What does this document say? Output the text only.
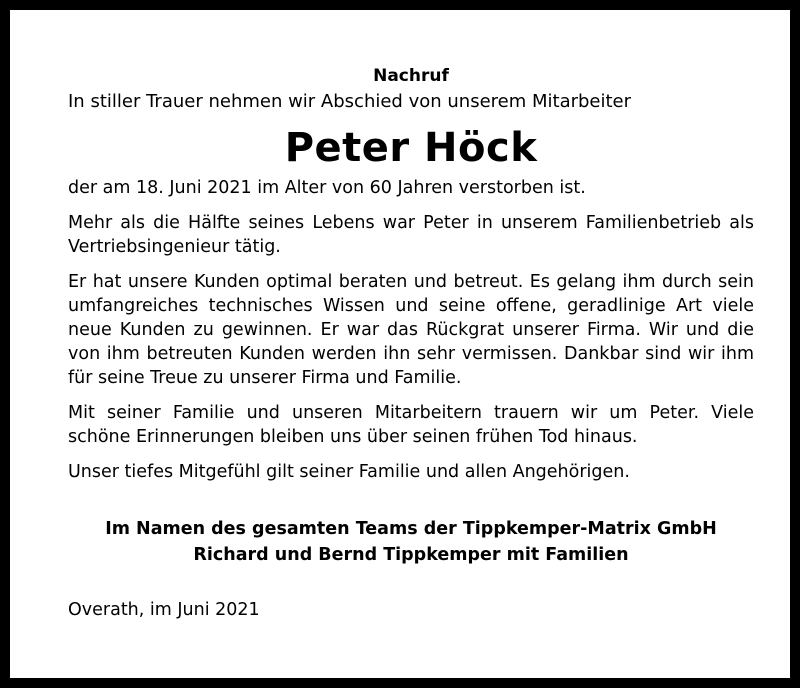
Nachruf

In stiller Trauer nehmen wir Abschied von unserem Mitarbeiter

Peter Höck

der am 18. Juni 2021 im Alter von 60 Jahren verstorben ist.

Mehr als die Hälfte seines Lebens war Peter in unserem Familienbetrieb als Vertriebsingenieur tätig.

Er hat unsere Kunden optimal beraten und betreut. Es gelang ihm durch sein umfangreiches technisches Wissen und seine offene, geradlinige Art viele neue Kunden zu gewinnen. Er war das Rückgrat unserer Firma. Wir und die von ihm betreuten Kunden werden ihn sehr vermissen. Dankbar sind wir ihm für seine Treue zu unserer Firma und Familie.

Mit seiner Familie und unseren Mitarbeitern trauern wir um Peter. Viele schöne Erinnerungen bleiben uns über seinen frühen Tod hinaus.

Unser tiefes Mitgefühl gilt seiner Familie und allen Angehörigen.

Im Namen des gesamten Teams der Tippkemper-Matrix GmbH

Richard und Bernd Tippkemper mit Familien

Overath, im Juni 2021
